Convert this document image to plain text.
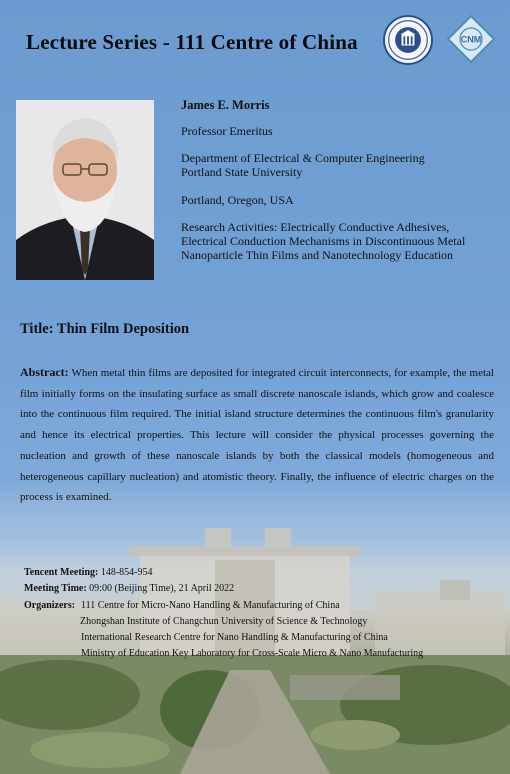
Lecture Series - 111 Centre of China	CNM

James E. Morris

Professor Emeritus

Department of Electrical & Computer Engineering

Portland State University

Portland, Oregon, USA

Research Activities: Electrically Conductive Adhesives,

Electrical Conduction Mechanisms in Discontinuous Metal

Nanoparticle Thin Films and Nanotechnology Education

Title: Thin Film Deposition

Abstract: When metal thin films are deposited for integrated circuit interconnects, for example, the metal film initially forms on the insulating surface as small discrete nanoscale islands, which grow and coalesce into the continuous film required. The initial island structure determines the continuous film's granularity and hence its electrical properties. This lecture will consider the physical processes governing the nucleation and growth of these nanoscale islands by both the classical models (homogeneous and heterogeneous capillary nucleation) and atomistic theory. Finally, the influence of electric charges on the process is examined.

Tencent Meeting:
148-854-954
Meeting Time:
09:00 (Beijing Time), 21 April 2022
Organizers: 111 Centre for Micro-Nano Handling & Manufacturing of China
Zhongshan Institute of Changchun University of Science & Technology
International Research Centre for Nano Handling & Manufacturing of China
Ministry of Education Key Laboratory for Cross-Scale Micro & Nano Manufacturing
